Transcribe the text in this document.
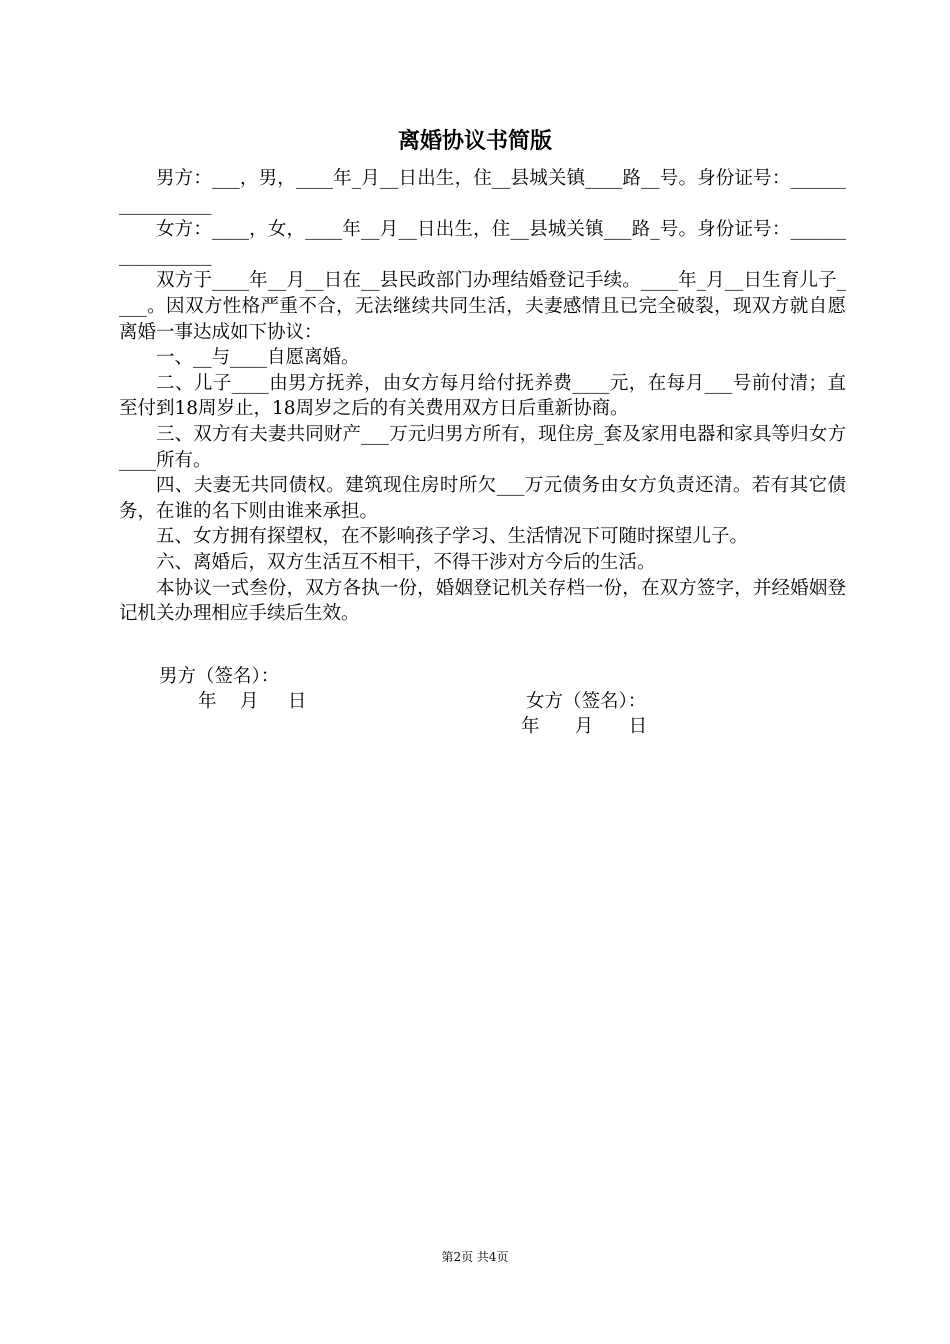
离婚协议书简版

男方：___，男，____年_月__日出生，住__县城关镇____路__号。身份证号：________________

女方：____，女，____年__月__日出生，住__县城关镇___路_号。身份证号：________________

双方于____年__月__日在__县民政部门办理结婚登记手续。____年_月__日生育儿子____。因双方性格严重不合，无法继续共同生活，夫妻感情且已完全破裂，现双方就自愿离婚一事达成如下协议：

一、__与____自愿离婚。

二、儿子____由男方抚养，由女方每月给付抚养费____元，在每月___号前付清；直至付到18周岁止，18周岁之后的有关费用双方日后重新协商。

三、双方有夫妻共同财产___万元归男方所有，现住房_套及家用电器和家具等归女方____所有。

四、夫妻无共同债权。建筑现住房时所欠___万元债务由女方负责还清。若有其它债务，在谁的名下则由谁来承担。

五、女方拥有探望权，在不影响孩子学习、生活情况下可随时探望儿子。

六、离婚后，双方生活互不相干，不得干涉对方今后的生活。

本协议一式叁份，双方各执一份，婚姻登记机关存档一份，在双方签字，并经婚姻登记机关办理相应手续后生效。

男方（签名）：

女方（签名）：

年    月     日

年      月      日

第2页 共4页
